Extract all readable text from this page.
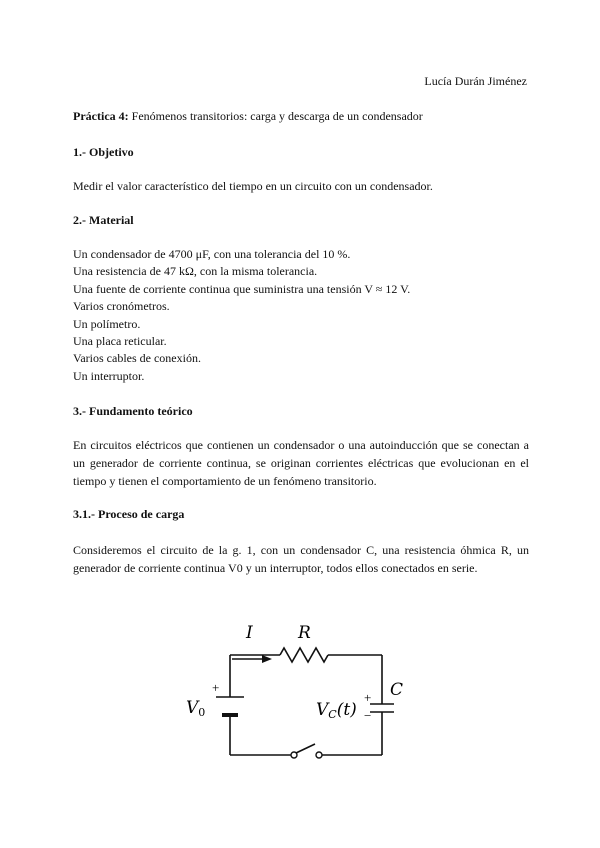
Lucía Durán Jiménez
Práctica 4: Fenómenos transitorios: carga y descarga de un condensador
1.- Objetivo
Medir el valor característico del tiempo en un circuito con un condensador.
2.- Material
Un condensador de 4700 μF, con una tolerancia del 10 %.
Una resistencia de 47 kΩ, con la misma tolerancia.
Una fuente de corriente continua que suministra una tensión V ≈ 12 V.
Varios cronómetros.
Un polímetro.
Una placa reticular.
Varios cables de conexión.
Un interruptor.
3.- Fundamento teórico
En circuitos eléctricos que contienen un condensador o una autoinducción que se conectan a un generador de corriente continua, se originan corrientes eléctricas que evolucionan en el tiempo y tienen el comportamiento de un fenómeno transitorio.
3.1.- Proceso de carga
Consideremos el circuito de la g. 1, con un condensador C, una resistencia óhmica R, un generador de corriente continua V0 y un interruptor, todos ellos conectados en serie.
I	R
+
V0
+
−
C
VC(t)
